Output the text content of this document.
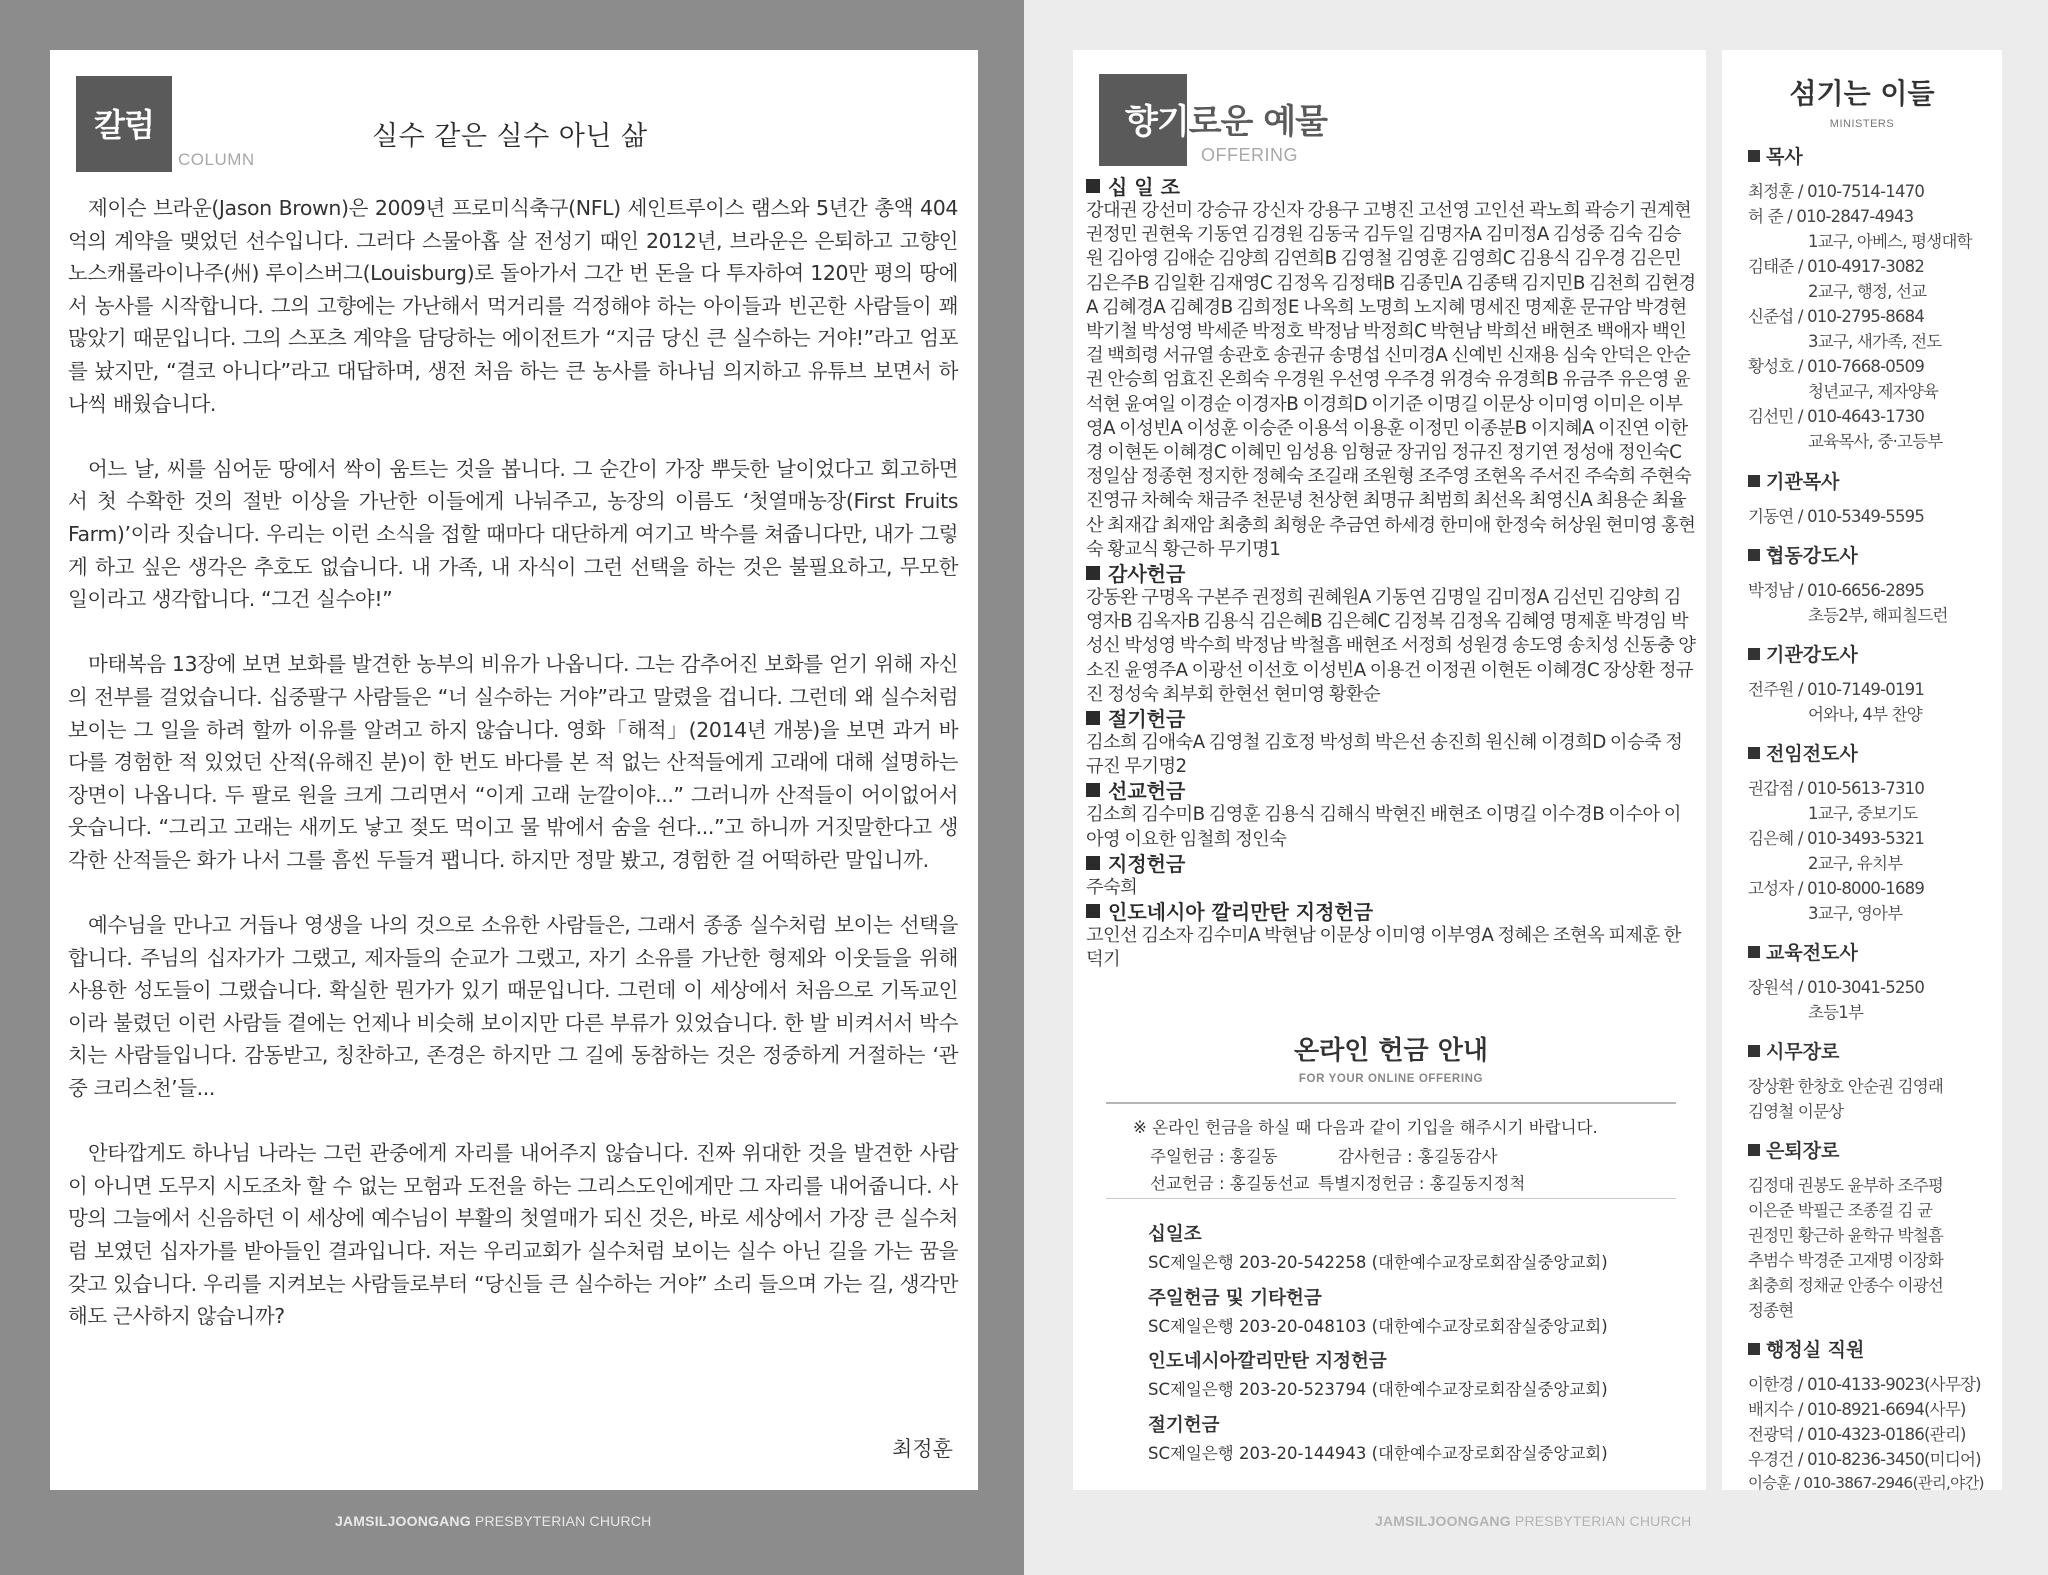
칼럼
COLUMN
실수 같은 실수 아닌 삶

제이슨 브라운(Jason Brown)은 2009년 프로미식축구(NFL) 세인트루이스 램스와 5년간 총액 404억의 계약을 맺었던 선수입니다. 그러다 스물아홉 살 전성기 때인 2012년, 브라운은 은퇴하고 고향인 노스캐롤라이나주(州) 루이스버그(Louisburg)로 돌아가서 그간 번 돈을 다 투자하여 120만 평의 땅에서 농사를 시작합니다. 그의 고향에는 가난해서 먹거리를 걱정해야 하는 아이들과 빈곤한 사람들이 꽤 많았기 때문입니다. 그의 스포츠 계약을 담당하는 에이전트가 “지금 당신 큰 실수하는 거야!”라고 엄포를 놨지만, “결코 아니다”라고 대답하며, 생전 처음 하는 큰 농사를 하나님 의지하고 유튜브 보면서 하나씩 배웠습니다.

어느 날, 씨를 심어둔 땅에서 싹이 움트는 것을 봅니다. 그 순간이 가장 뿌듯한 날이었다고 회고하면서 첫 수확한 것의 절반 이상을 가난한 이들에게 나눠주고, 농장의 이름도 ‘첫열매농장(First Fruits Farm)’이라 짓습니다. 우리는 이런 소식을 접할 때마다 대단하게 여기고 박수를 쳐줍니다만, 내가 그렇게 하고 싶은 생각은 추호도 없습니다. 내 가족, 내 자식이 그런 선택을 하는 것은 불필요하고, 무모한 일이라고 생각합니다. “그건 실수야!”

마태복음 13장에 보면 보화를 발견한 농부의 비유가 나옵니다. 그는 감추어진 보화를 얻기 위해 자신의 전부를 걸었습니다. 십중팔구 사람들은 “너 실수하는 거야”라고 말렸을 겁니다. 그런데 왜 실수처럼 보이는 그 일을 하려 할까 이유를 알려고 하지 않습니다. 영화「해적」(2014년 개봉)을 보면 과거 바다를 경험한 적 있었던 산적(유해진 분)이 한 번도 바다를 본 적 없는 산적들에게 고래에 대해 설명하는 장면이 나옵니다. 두 팔로 원을 크게 그리면서 “이게 고래 눈깔이야...” 그러니까 산적들이 어이없어서 웃습니다. “그리고 고래는 새끼도 낳고 젖도 먹이고 물 밖에서 숨을 쉰다...”고 하니까 거짓말한다고 생각한 산적들은 화가 나서 그를 흠씬 두들겨 팹니다. 하지만 정말 봤고, 경험한 걸 어떡하란 말입니까.

예수님을 만나고 거듭나 영생을 나의 것으로 소유한 사람들은, 그래서 종종 실수처럼 보이는 선택을 합니다. 주님의 십자가가 그랬고, 제자들의 순교가 그랬고, 자기 소유를 가난한 형제와 이웃들을 위해 사용한 성도들이 그랬습니다. 확실한 뭔가가 있기 때문입니다. 그런데 이 세상에서 처음으로 기독교인이라 불렸던 이런 사람들 곁에는 언제나 비슷해 보이지만 다른 부류가 있었습니다. 한 발 비켜서서 박수치는 사람들입니다. 감동받고, 칭찬하고, 존경은 하지만 그 길에 동참하는 것은 정중하게 거절하는 ‘관중 크리스천’들...

안타깝게도 하나님 나라는 그런 관중에게 자리를 내어주지 않습니다. 진짜 위대한 것을 발견한 사람이 아니면 도무지 시도조차 할 수 없는 모험과 도전을 하는 그리스도인에게만 그 자리를 내어줍니다. 사망의 그늘에서 신음하던 이 세상에 예수님이 부활의 첫열매가 되신 것은, 바로 세상에서 가장 큰 실수처럼 보였던 십자가를 받아들인 결과입니다. 저는 우리교회가 실수처럼 보이는 실수 아닌 길을 가는 꿈을 갖고 있습니다. 우리를 지켜보는 사람들로부터 “당신들 큰 실수하는 거야” 소리 들으며 가는 길, 생각만 해도 근사하지 않습니까?

최정훈
JAMSILJOONGANG PRESBYTERIAN CHURCH
향기로운 예물
OFFERING
십 일 조
강대권 강선미 강승규 강신자 강용구 고병진 고선영 고인선 곽노희 곽승기 권계현 권정민 권현욱 기동연 김경원 김동국 김두일 김명자A 김미정A 김성중 김숙 김승원 김아영 김애순 김양희 김연희B 김영철 김영훈 김영희C 김용식 김우경 김은민 김은주B 김일환 김재영C 김정옥 김정태B 김종민A 김종택 김지민B 김천희 김현경A 김혜경A 김혜경B 김희정E 나옥희 노명희 노지혜 명세진 명제훈 문규암 박경현 박기철 박성영 박세준 박정호 박정남 박정희C 박현남 박희선 배현조 백애자 백인걸 백희령 서규열 송관호 송권규 송명섭 신미경A 신예빈 신재용 심숙 안덕은 안순권 안승희 엄효진 온희숙 우경원 우선영 우주경 위경숙 유경희B 유금주 유은영 윤석현 윤여일 이경순 이경자B 이경희D 이기준 이명길 이문상 이미영 이미은 이부영A 이성빈A 이성훈 이승준 이용석 이용훈 이정민 이종분B 이지혜A 이진연 이한경 이현돈 이혜경C 이혜민 임성용 임형균 장귀임 정규진 정기연 정성애 정인숙C 정일삼 정종현 정지한 정혜숙 조길래 조원형 조주영 조현옥 주서진 주숙희 주현숙 진영규 차혜숙 채금주 천문녕 천상현 최명규 최범희 최선옥 최영신A 최용순 최율산 최재갑 최재암 최충희 최형운 추금연 하세경 한미애 한정숙 허상원 현미영 홍현숙 황교식 황근하 무기명1
감사헌금
강동완 구명옥 구본주 권정희 권혜원A 기동연 김명일 김미정A 김선민 김양희 김영자B 김옥자B 김용식 김은혜B 김은혜C 김정복 김정옥 김혜영 명제훈 박경임 박성신 박성영 박수희 박정남 박철흠 배현조 서정희 성원경 송도영 송치성 신동충 양소진 윤영주A 이광선 이선호 이성빈A 이용건 이정권 이현돈 이혜경C 장상환 정규진 정성숙 최부회 한현선 현미영 황환순
절기헌금
김소희 김애숙A 김영철 김호정 박성희 박은선 송진희 원신혜 이경희D 이승죽 정규진 무기명2
선교헌금
김소희 김수미B 김영훈 김용식 김해식 박현진 배현조 이명길 이수경B 이수아 이아영 이요한 임철희 정인숙
지정헌금
주숙희
인도네시아 깔리만탄 지정헌금
고인선 김소자 김수미A 박현남 이문상 이미영 이부영A 정혜은 조현옥 피제훈 한덕기
온라인 헌금 안내
FOR YOUR ONLINE OFFERING
※ 온라인 헌금을 하실 때 다음과 같이 기입을 해주시기 바랍니다.
주일헌금 : 홍길동	감사헌금 : 홍길동감사
선교헌금 : 홍길동선교 특별지정헌금 : 홍길동지정척
십일조
SC제일은행 203-20-542258 (대한예수교장로회잠실중앙교회)
주일헌금 및 기타헌금
SC제일은행 203-20-048103 (대한예수교장로회잠실중앙교회)
인도네시아깔리만탄 지정헌금
SC제일은행 203-20-523794 (대한예수교장로회잠실중앙교회)
절기헌금
SC제일은행 203-20-144943 (대한예수교장로회잠실중앙교회)
섬기는 이들
MINISTERS
목사
최정훈 / 010-7514-1470
허 준 / 010-2847-4943
1교구, 아베스, 평생대학
김태준 / 010-4917-3082
2교구, 행정, 선교
신준섭 / 010-2795-8684
3교구, 새가족, 전도
황성호 / 010-7668-0509
청년교구, 제자양육
김선민 / 010-4643-1730
교육목사, 중·고등부
기관목사
기동연 / 010-5349-5595
협동강도사
박정남 / 010-6656-2895
초등2부, 해피칠드런
기관강도사
전주원 / 010-7149-0191
어와나, 4부 찬양
전임전도사
권갑점 / 010-5613-7310
1교구, 중보기도
김은혜 / 010-3493-5321
2교구, 유치부
고성자 / 010-8000-1689
3교구, 영아부
교육전도사
장원석 / 010-3041-5250
초등1부
시무장로
장상환 한창호 안순권 김영래
김영철 이문상
은퇴장로
김정대 권봉도 윤부하 조주평
이은준 박필근 조종걸 김 균
권정민 황근하 윤학규 박철흠
추범수 박경준 고재명 이장화
최충희 정채균 안종수 이광선
정종현
행정실 직원
이한경 / 010-4133-9023(사무장)
배지수 / 010-8921-6694(사무)
전광덕 / 010-4323-0186(관리)
우경건 / 010-8236-3450(미디어)
이승훈 / 010-3867-2946(관리,야간)
JAMSILJOONGANG PRESBYTERIAN CHURCH
